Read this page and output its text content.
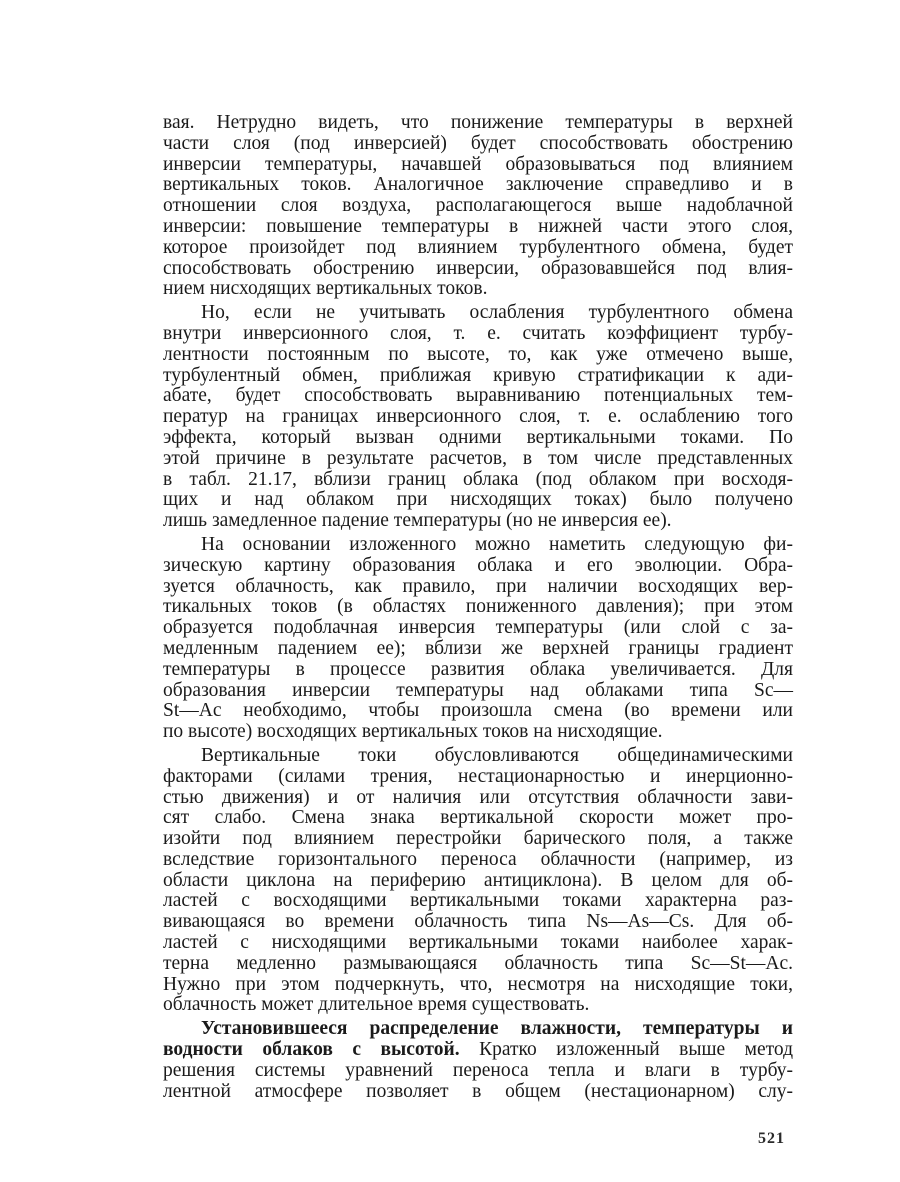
вая. Нетрудно видеть, что понижение температуры в верхней
части слоя (под инверсией) будет способствовать обострению
инверсии температуры, начавшей образовываться под влиянием
вертикальных токов. Аналогичное заключение справедливо и в
отношении слоя воздуха, располагающегося выше надоблачной
инверсии: повышение температуры в нижней части этого слоя,
которое произойдет под влиянием турбулентного обмена, будет
способствовать обострению инверсии, образовавшейся под влия-
нием нисходящих вертикальных токов.
Но, если не учитывать ослабления турбулентного обмена
внутри инверсионного слоя, т. е. считать коэффициент турбу-
лентности постоянным по высоте, то, как уже отмечено выше,
турбулентный обмен, приближая кривую стратификации к ади-
абате, будет способствовать выравниванию потенциальных тем-
ператур на границах инверсионного слоя, т. е. ослаблению того
эффекта, который вызван одними вертикальными токами. По
этой причине в результате расчетов, в том числе представленных
в табл. 21.17, вблизи границ облака (под облаком при восходя-
щих и над облаком при нисходящих токах) было получено
лишь замедленное падение температуры (но не инверсия ее).
На основании изложенного можно наметить следующую фи-
зическую картину образования облака и его эволюции. Обра-
зуется облачность, как правило, при наличии восходящих вер-
тикальных токов (в областях пониженного давления); при этом
образуется подоблачная инверсия температуры (или слой с за-
медленным падением ее); вблизи же верхней границы градиент
температуры в процессе развития облака увеличивается. Для
образования инверсии температуры над облаками типа Sc—
St—Ac необходимо, чтобы произошла смена (во времени или
по высоте) восходящих вертикальных токов на нисходящие.
Вертикальные токи обусловливаются общединамическими
факторами (силами трения, нестационарностью и инерционно-
стью движения) и от наличия или отсутствия облачности зави-
сят слабо. Смена знака вертикальной скорости может про-
изойти под влиянием перестройки барического поля, а также
вследствие горизонтального переноса облачности (например, из
области циклона на периферию антициклона). В целом для об-
ластей с восходящими вертикальными токами характерна раз-
вивающаяся во времени облачность типа Ns—As—Cs. Для об-
ластей с нисходящими вертикальными токами наиболее харак-
терна медленно размывающаяся облачность типа Sc—St—Ac.
Нужно при этом подчеркнуть, что, несмотря на нисходящие токи,
облачность может длительное время существовать.
Установившееся распределение влажности, температуры и
водности облаков с высотой. Кратко изложенный выше метод
решения системы уравнений переноса тепла и влаги в турбу-
лентной атмосфере позволяет в общем (нестационарном) слу-
521
